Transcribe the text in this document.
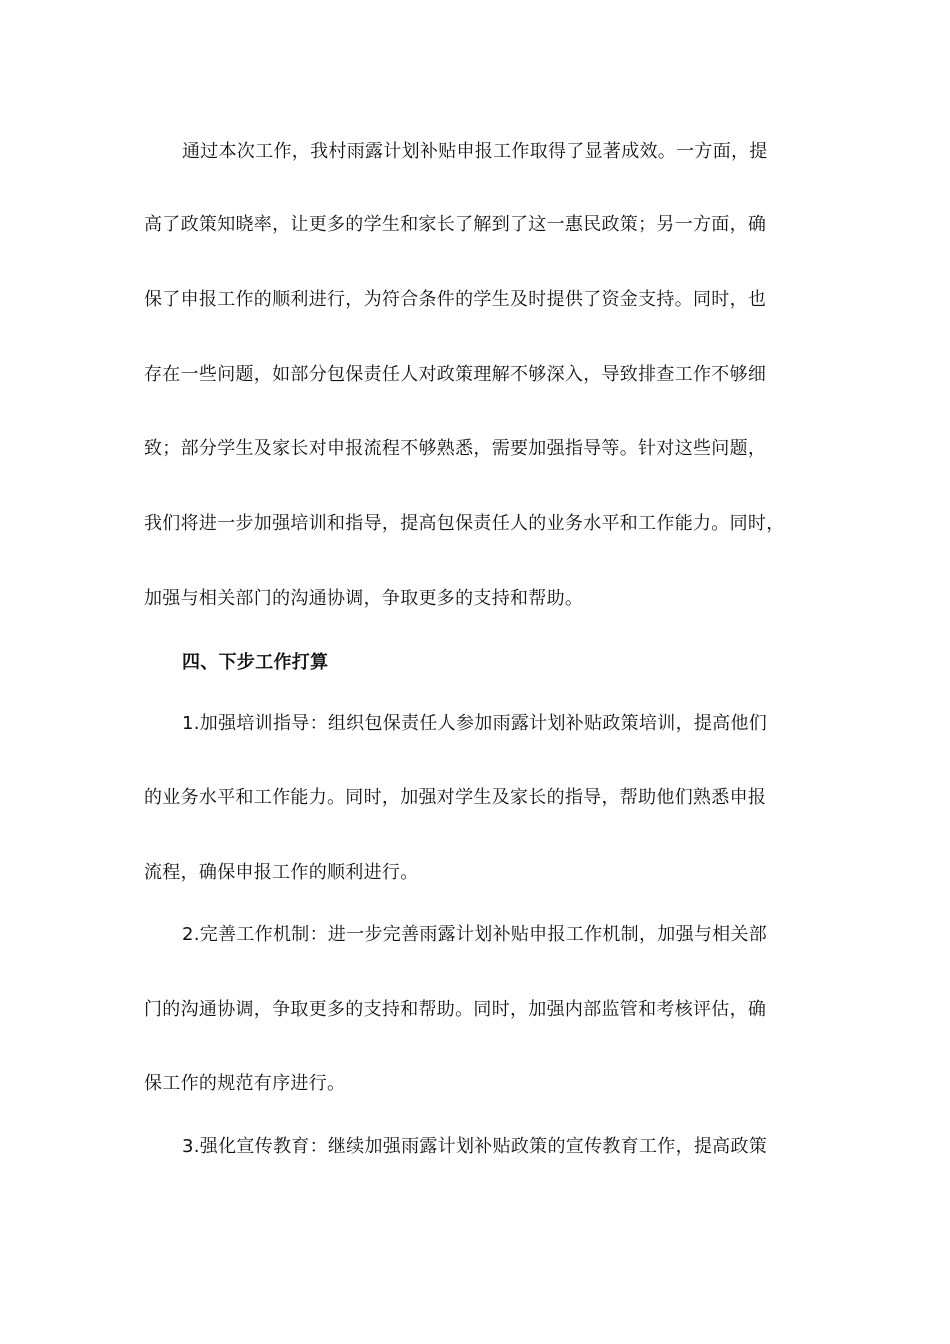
通过本次工作，我村雨露计划补贴申报工作取得了显著成效。一方面，提
高了政策知晓率，让更多的学生和家长了解到了这一惠民政策；另一方面，确
保了申报工作的顺利进行，为符合条件的学生及时提供了资金支持。同时，也
存在一些问题，如部分包保责任人对政策理解不够深入，导致排查工作不够细
致；部分学生及家长对申报流程不够熟悉，需要加强指导等。针对这些问题，
我们将进一步加强培训和指导，提高包保责任人的业务水平和工作能力。同时，
加强与相关部门的沟通协调，争取更多的支持和帮助。
四、下步工作打算
1.加强培训指导：组织包保责任人参加雨露计划补贴政策培训，提高他们
的业务水平和工作能力。同时，加强对学生及家长的指导，帮助他们熟悉申报
流程，确保申报工作的顺利进行。
2.完善工作机制：进一步完善雨露计划补贴申报工作机制，加强与相关部
门的沟通协调，争取更多的支持和帮助。同时，加强内部监管和考核评估，确
保工作的规范有序进行。
3.强化宣传教育：继续加强雨露计划补贴政策的宣传教育工作，提高政策
